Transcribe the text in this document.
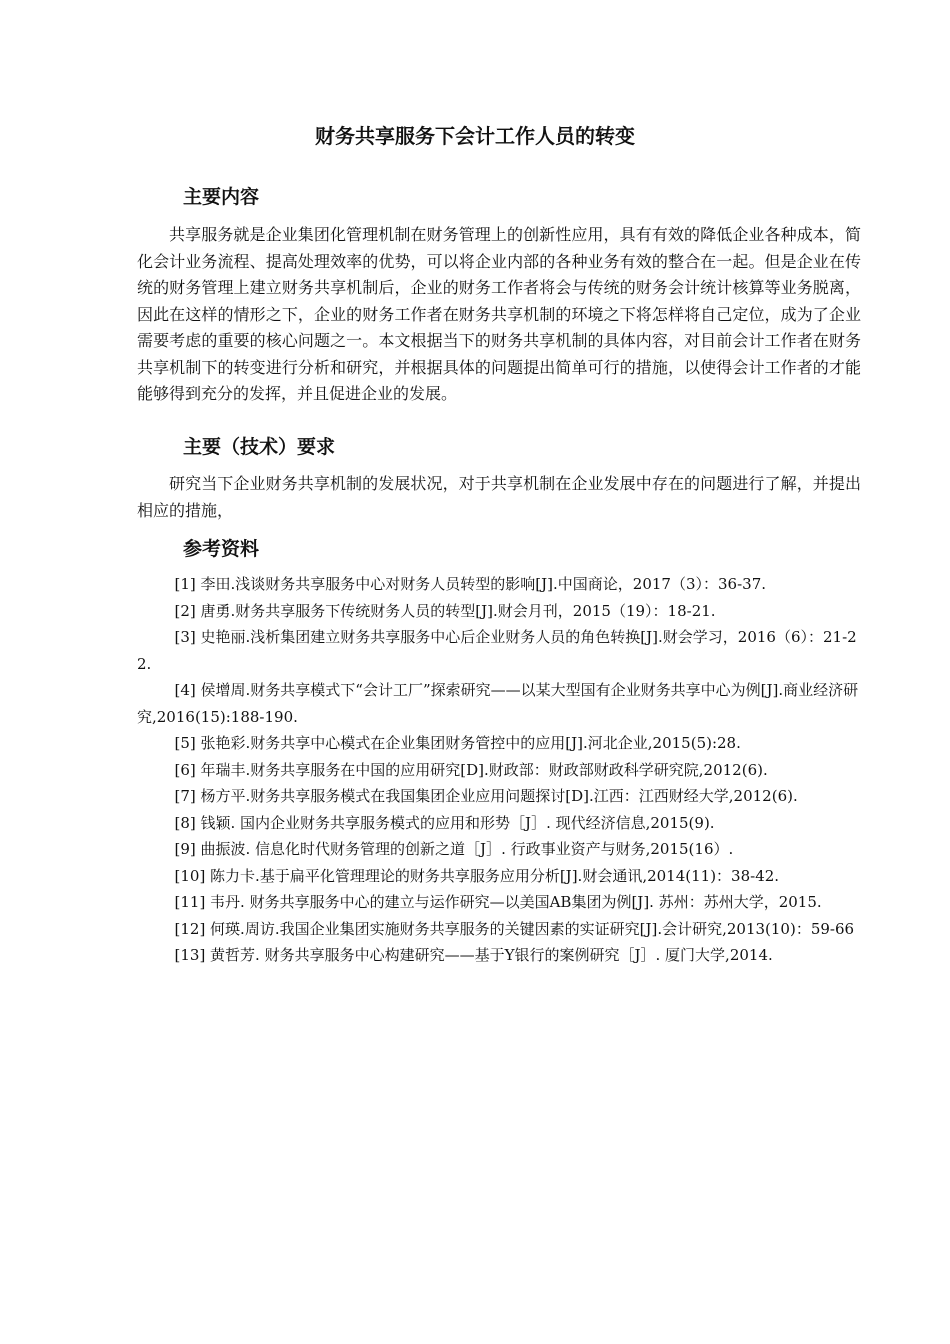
财务共享服务下会计工作人员的转变
主要内容

共享服务就是企业集团化管理机制在财务管理上的创新性应用，具有有效的降低企业各种成本，简化会计业务流程、提高处理效率的优势，可以将企业内部的各种业务有效的整合在一起。但是企业在传统的财务管理上建立财务共享机制后，企业的财务工作者将会与传统的财务会计统计核算等业务脱离，因此在这样的情形之下，企业的财务工作者在财务共享机制的环境之下将怎样将自己定位，成为了企业需要考虑的重要的核心问题之一。本文根据当下的财务共享机制的具体内容，对目前会计工作者在财务共享机制下的转变进行分析和研究，并根据具体的问题提出简单可行的措施，以使得会计工作者的才能能够得到充分的发挥，并且促进企业的发展。

主要（技术）要求

研究当下企业财务共享机制的发展状况，对于共享机制在企业发展中存在的问题进行了解，并提出相应的措施，

参考资料
[1] 李田.浅谈财务共享服务中心对财务人员转型的影响[J].中国商论，2017（3）：36-37.
[2] 唐勇.财务共享服务下传统财务人员的转型[J].财会月刊，2015（19）：18-21.
[3] 史艳丽.浅析集团建立财务共享服务中心后企业财务人员的角色转换[J].财会学习，2016（6）：21-22.
[4] 侯增周.财务共享模式下“会计工厂”探索研究——以某大型国有企业财务共享中心为例[J].商业经济研究,2016(15):188-190.
[5] 张艳彩.财务共享中心模式在企业集团财务管控中的应用[J].河北企业,2015(5):28.
[6] 年瑞丰.财务共享服务在中国的应用研究[D].财政部：财政部财政科学研究院,2012(6).
[7] 杨方平.财务共享服务模式在我国集团企业应用问题探讨[D].江西：江西财经大学,2012(6).
[8] 钱颖. 国内企业财务共享服务模式的应用和形势［J］. 现代经济信息,2015(9).
[9] 曲振波. 信息化时代财务管理的创新之道［J］. 行政事业资产与财务,2015(16）.
[10] 陈力卡.基于扁平化管理理论的财务共享服务应用分析[J].财会通讯,2014(11)：38-42.
[11] 韦丹. 财务共享服务中心的建立与运作研究—以美国AB集团为例[J]. 苏州：苏州大学，2015.
[12] 何瑛.周访.我国企业集团实施财务共享服务的关键因素的实证研究[J].会计研究,2013(10)：59-66
[13] 黄哲芳. 财务共享服务中心构建研究——基于Y银行的案例研究［J］. 厦门大学,2014.
